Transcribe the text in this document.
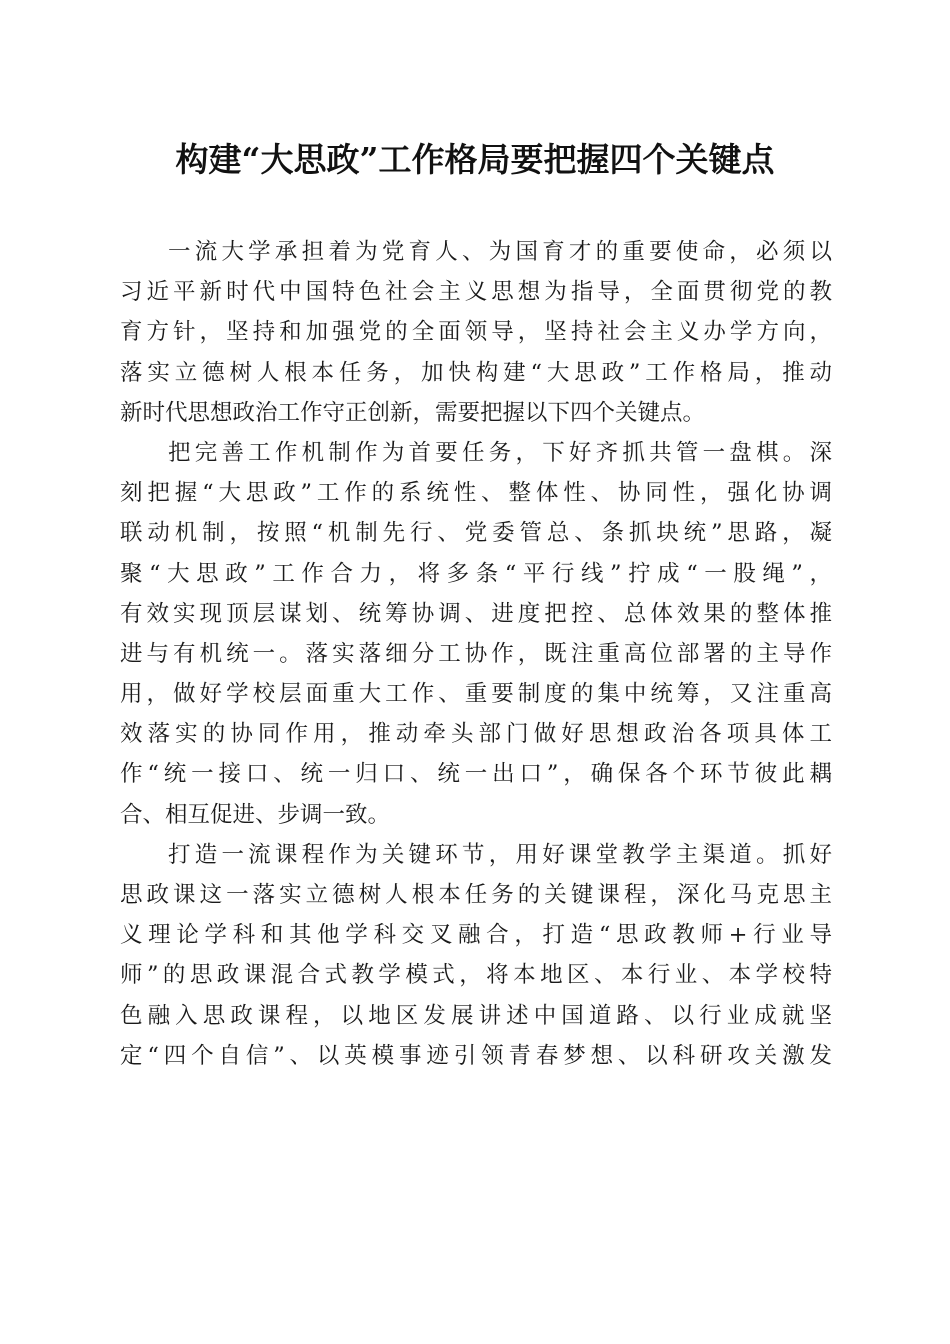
构建“大思政”工作格局要把握四个关键点
一流大学承担着为党育人、为国育才的重要使命，必须以
习近平新时代中国特色社会主义思想为指导，全面贯彻党的教
育方针，坚持和加强党的全面领导，坚持社会主义办学方向，
落实立德树人根本任务，加快构建“大思政”工作格局，推动
新时代思想政治工作守正创新，需要把握以下四个关键点。
把完善工作机制作为首要任务，下好齐抓共管一盘棋。深
刻把握“大思政”工作的系统性、整体性、协同性，强化协调
联动机制，按照“机制先行、党委管总、条抓块统”思路，凝
聚“大思政”工作合力，将多条“平行线”拧成“一股绳”，
有效实现顶层谋划、统筹协调、进度把控、总体效果的整体推
进与有机统一。落实落细分工协作，既注重高位部署的主导作
用，做好学校层面重大工作、重要制度的集中统筹，又注重高
效落实的协同作用，推动牵头部门做好思想政治各项具体工
作“统一接口、统一归口、统一出口”，确保各个环节彼此耦
合、相互促进、步调一致。
打造一流课程作为关键环节，用好课堂教学主渠道。抓好
思政课这一落实立德树人根本任务的关键课程，深化马克思主
义理论学科和其他学科交叉融合，打造“思政教师+行业导
师”的思政课混合式教学模式，将本地区、本行业、本学校特
色融入思政课程，以地区发展讲述中国道路、以行业成就坚
定“四个自信”、以英模事迹引领青春梦想、以科研攻关激发
